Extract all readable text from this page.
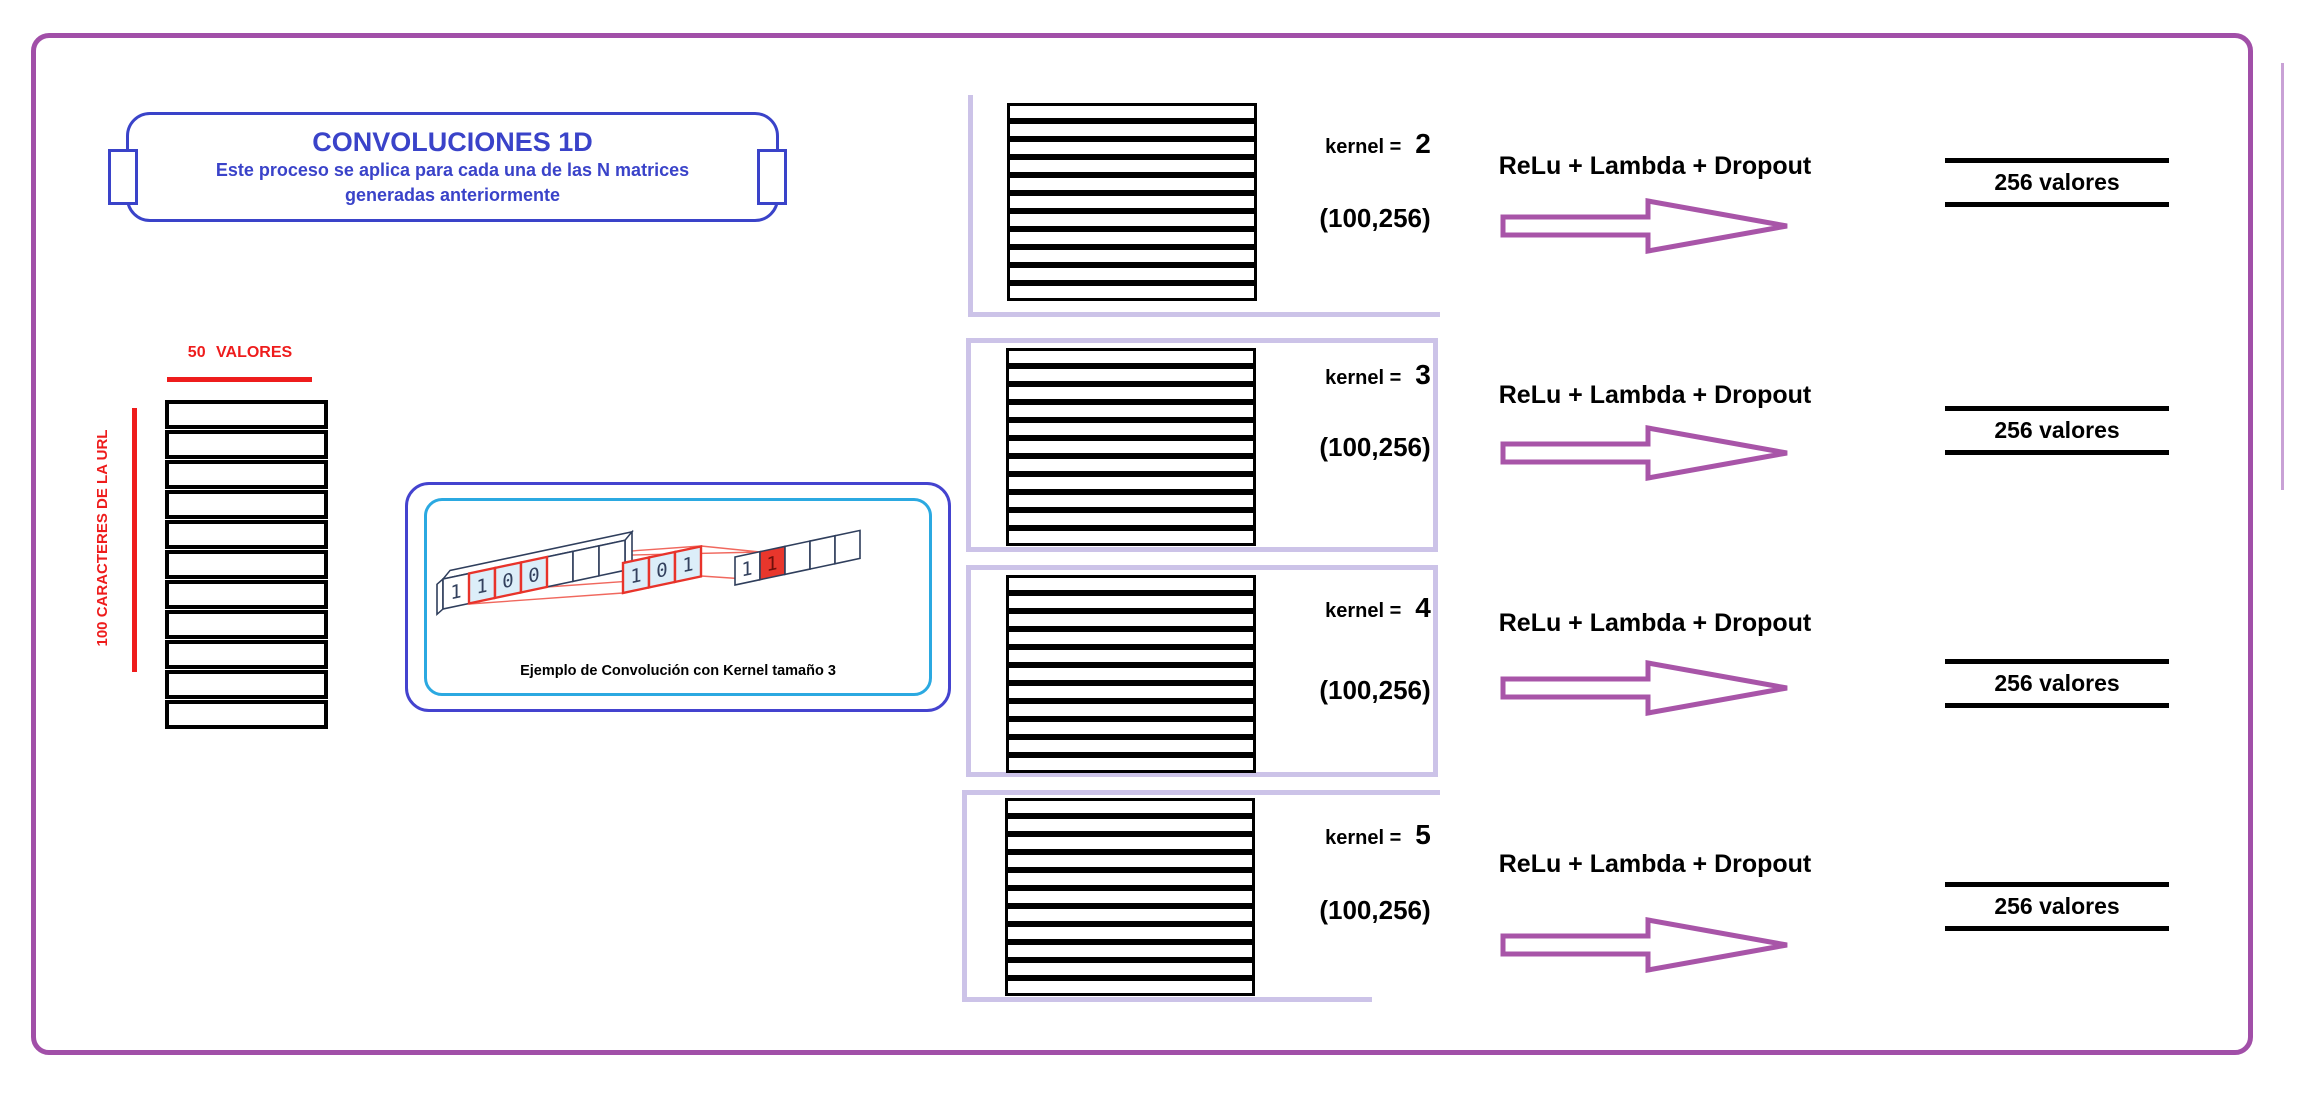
CONVOLUCIONES 1D
Este proceso se aplica para cada una de las N matrices
generadas anteriormente
50 VALORES
100 CARACTERES DE LA URL	1 1 0 0	1 0 1	1 1
Ejemplo de Convolución con Kernel tamaño 3
kernel = 2
kernel = 3
kernel = 4
kernel = 5
(100,256)
(100,256)
(100,256)
(100,256)
ReLu + Lambda + Dropout
ReLu + Lambda + Dropout
ReLu + Lambda + Dropout
ReLu + Lambda + Dropout
256 valores
256 valores
256 valores
256 valores
